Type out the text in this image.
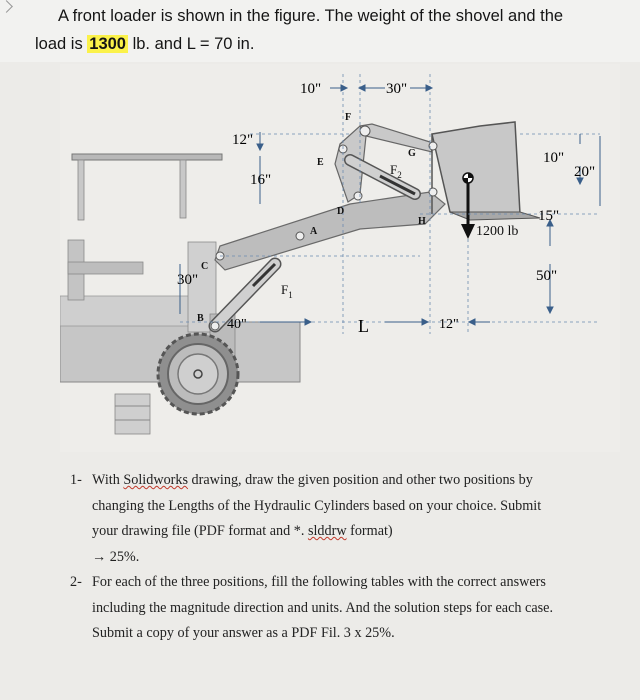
A front loader is shown in the figure. The weight of the shovel and the
load is 1300 lb. and L = 70 in.
1200 lb
10"	30"
12"
16"
30"
40"	L	12"
10"
20"
15"
50"
F
E
D
G
H
A
B
C
$F_2$
$F_1$
1- With Solidworks drawing, draw the given position and other two positions by changing the Lengths of the Hydraulic Cylinders based on your choice. Submit your drawing file (PDF format and *. slddrw format)
→ 25%.
2- For each of the three positions, fill the following tables with the correct answers including the magnitude direction and units. And the solution steps for each case. Submit a copy of your answer as a PDF Fil. 3 x 25%.
